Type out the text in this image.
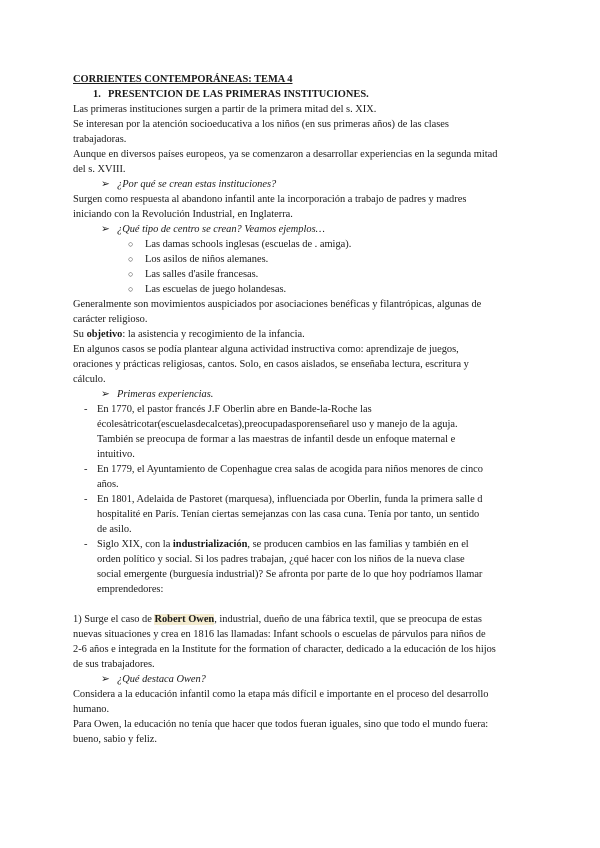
CORRIENTES CONTEMPORÁNEAS: TEMA 4

1. PRESENTCION DE LAS PRIMERAS INSTITUCIONES.

Las primeras instituciones surgen a partir de la primera mitad del s. XIX.

Se interesan por la atención socioeducativa a los niños (en sus primeras años) de las clases

trabajadoras.

Aunque en diversos países europeos, ya se comenzaron a desarrollar experiencias en la segunda mitad

del s. XVIII.

➢ ¿Por qué se crean estas instituciones?

Surgen como respuesta al abandono infantil ante la incorporación a trabajo de padres y madres

iniciando con la Revolución Industrial, en Inglaterra.

➢ ¿Qué tipo de centro se crean? Veamos ejemplos…

○ Las damas schools inglesas (escuelas de . amiga).

○ Los asilos de niños alemanes.

○ Las salles d'asile francesas.

○ Las escuelas de juego holandesas.

Generalmente son movimientos auspiciados por asociaciones benéficas y filantrópicas, algunas de

carácter religioso.

Su objetivo: la asistencia y recogimiento de la infancia.

En algunos casos se podía plantear alguna actividad instructiva como: aprendizaje de juegos,

oraciones y prácticas religiosas, cantos. Solo, en casos aislados, se enseñaba lectura, escritura y

cálculo.

➢ Primeras experiencias.

- En 1770, el pastor francés J.F Oberlin abre en Bande-la-Roche las

écolesàtricotar(escuelasdecalcetas),preocupadasporenseñarel uso y manejo de la aguja.

También se preocupa de formar a las maestras de infantil desde un enfoque maternal e

intuitivo.

- En 1779, el Ayuntamiento de Copenhague crea salas de acogida para niños menores de cinco

años.

- En 1801, Adelaida de Pastoret (marquesa), influenciada por Oberlin, funda la primera salle d

hospitalité en París. Tenían ciertas semejanzas con las casa cuna. Tenía por tanto, un sentido

de asilo.

- Siglo XIX, con la industrialización, se producen cambios en las familias y también en el

orden político y social. Si los padres trabajan, ¿qué hacer con los niños de la nueva clase

social emergente (burguesía industrial)? Se afronta por parte de lo que hoy podríamos llamar

emprendedores:

1) Surge el caso de Robert Owen, industrial, dueño de una fábrica textil, que se preocupa de estas

nuevas situaciones y crea en 1816 las llamadas: Infant schools o escuelas de párvulos para niños de

2-6 años e integrada en la Institute for the formation of character, dedicado a la educación de los hijos

de sus trabajadores.

➢ ¿Qué destaca Owen?

Considera a la educación infantil como la etapa más difícil e importante en el proceso del desarrollo

humano.

Para Owen, la educación no tenía que hacer que todos fueran iguales, sino que todo el mundo fuera:

bueno, sabio y feliz.
